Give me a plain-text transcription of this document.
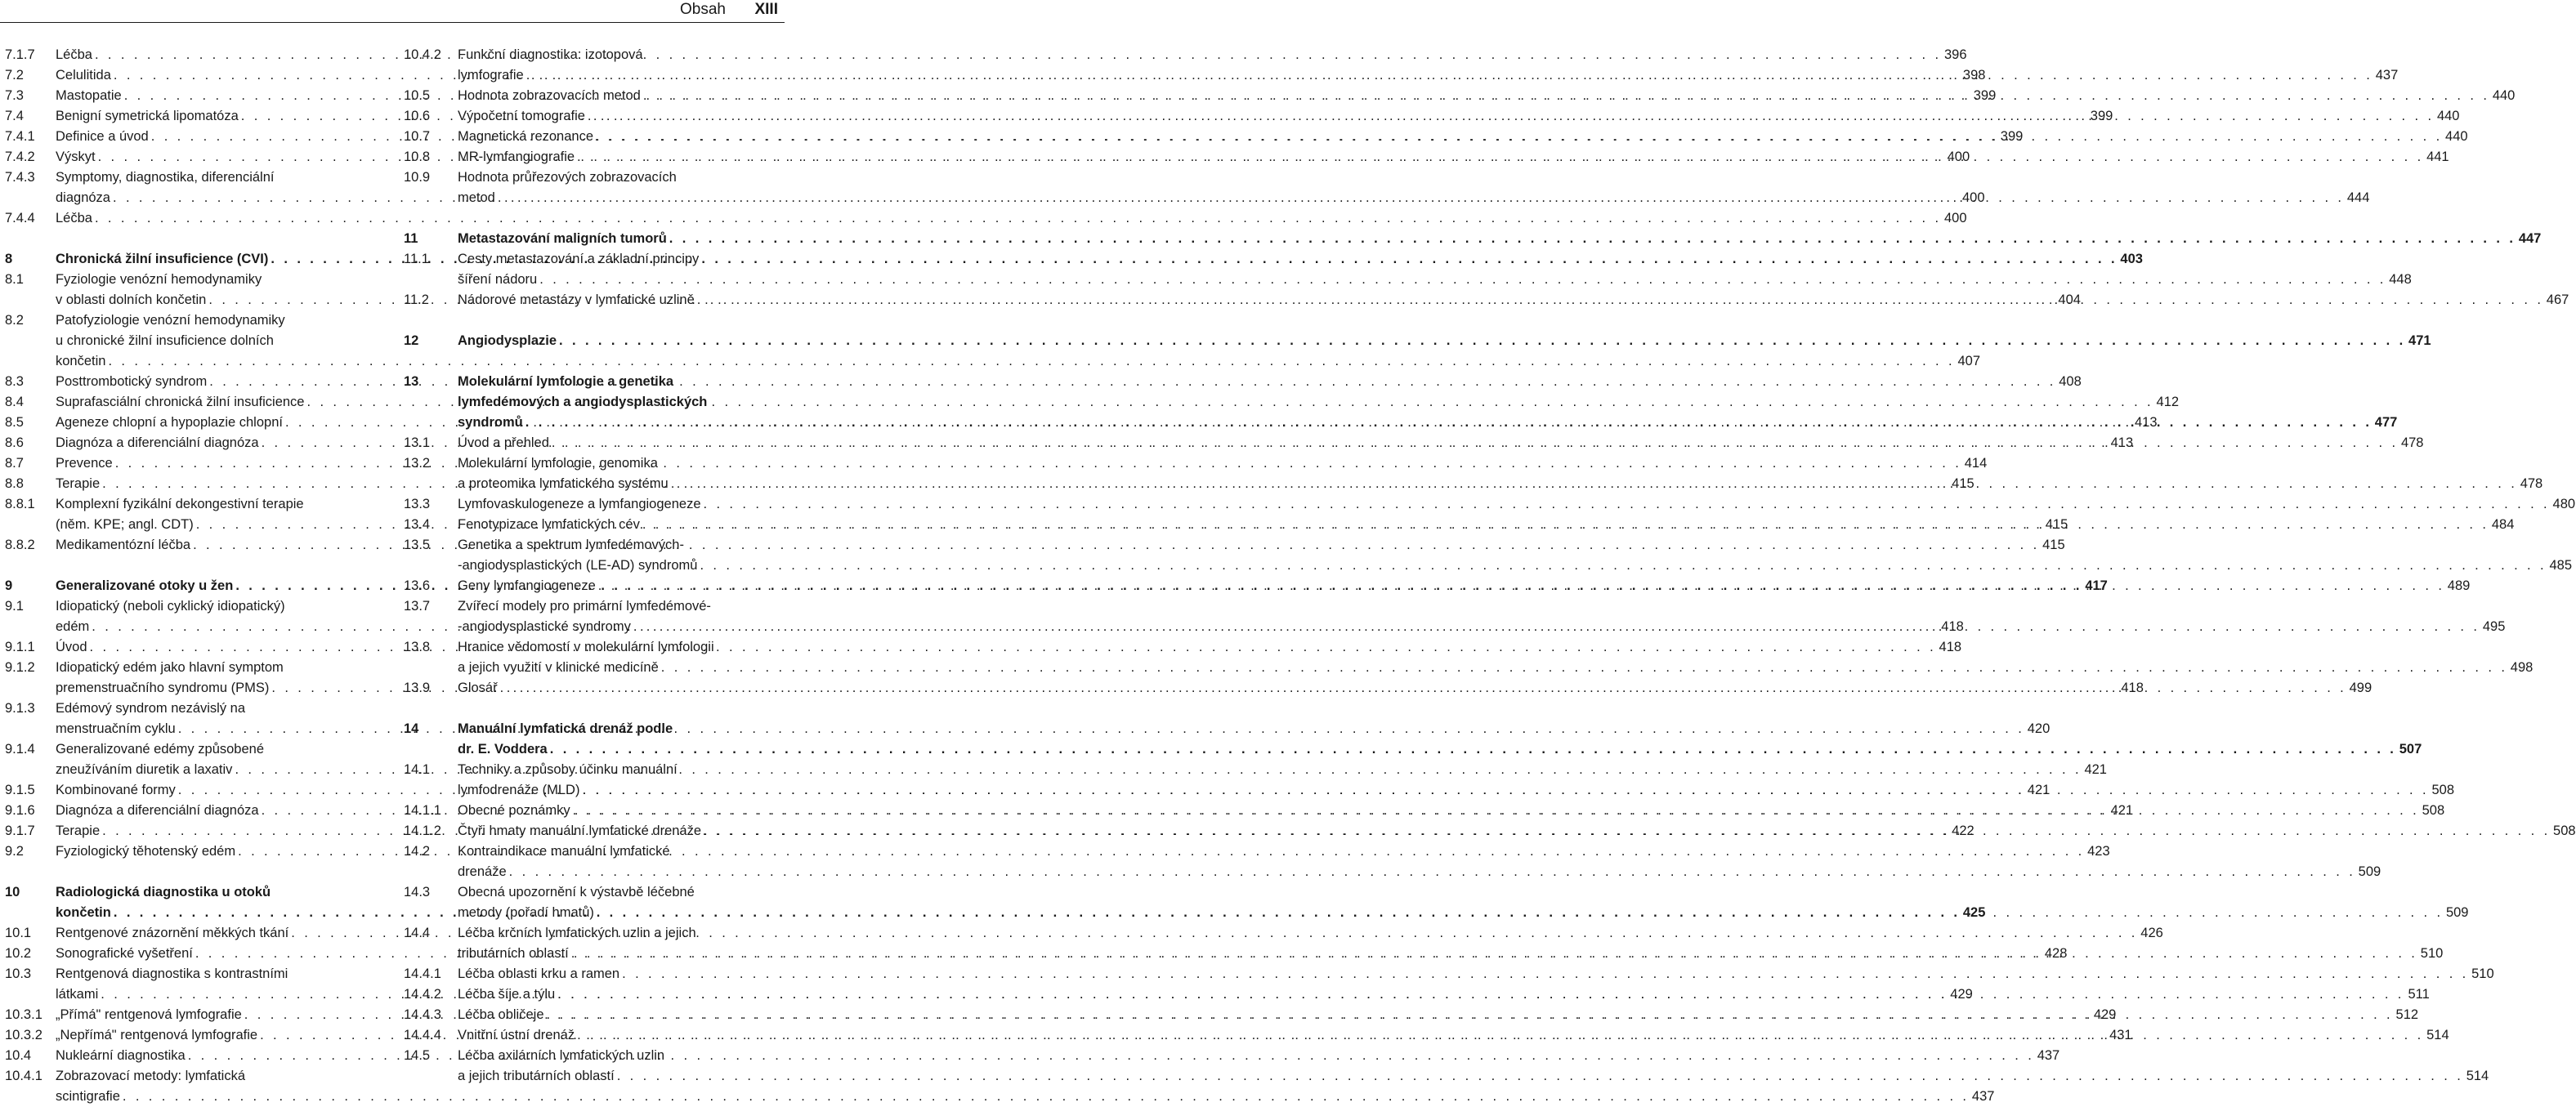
Obsah XIII
7.1.7	Léčba . . .	396
7.2	Celulitida . . .	398
7.3	Mastopatie . . .	399
7.4	Benigní symetrická lipomatóza . . .	399
7.4.1	Definice a úvod . . .	399
7.4.2	Výskyt . . .	400
7.4.3	Symptomy, diagnostika, diferenciální
diagnóza . . .	400
7.4.4	Léčba . . .	400
8	Chronická žilní insuficience (CVI) . . .	403
8.1	Fyziologie venózní hemodynamiky
v oblasti dolních končetin . . .	404
8.2	Patofyziologie venózní hemodynamiky
u chronické žilní insuficience dolních
končetin . . .	407
8.3	Posttrombotický syndrom . . .	408
8.4	Suprafasciální chronická žilní insuficience . . .	412
8.5	Ageneze chlopní a hypoplazie chlopní . . .	413
8.6	Diagnóza a diferenciální diagnóza . . .	413
8.7	Prevence . . .	414
8.8	Terapie . . .	415
8.8.1	Komplexní fyzikální dekongestivní terapie
(něm. KPE; angl. CDT) . . .	415
8.8.2	Medikamentózní léčba . . .	415
9	Generalizované otoky u žen . . .	417
9.1	Idiopatický (neboli cyklický idiopatický)
edém . . .	418
9.1.1	Úvod . . .	418
9.1.2	Idiopatický edém jako hlavní symptom
premenstruačního syndromu (PMS) . . .	418
9.1.3	Edémový syndrom nezávislý na
menstruačním cyklu . . .	420
9.1.4	Generalizované edémy způsobené
zneužíváním diuretik a laxativ . . .	421
9.1.5	Kombinované formy . . .	421
9.1.6	Diagnóza a diferenciální diagnóza . . .	421
9.1.7	Terapie . . .	422
9.2	Fyziologický těhotenský edém . . .	423
10	Radiologická diagnostika u otoků
končetin . . .	425
10.1	Rentgenové znázornění měkkých tkání . . .	426
10.2	Sonografické vyšetření . . .	428
10.3	Rentgenová diagnostika s kontrastními
látkami . . .	429
10.3.1 „Přímá" rentgenová lymfografie . . .	429
10.3.2 „Nepřímá" rentgenová lymfografie . . .	431
10.4	Nukleární diagnostika . . .	437
10.4.1 Zobrazovací metody: lymfatická
scintigrafie . . .	437
10.4.2	Funkční diagnostika: izotopová
lymfografie . . .	437
10.5	Hodnota zobrazovacích metod . . .	440
10.6	Výpočetní tomografie . . .	440
10.7	Magnetická rezonance . . .	440
10.8	MR-lymfangiografie . . .	441
10.9	Hodnota průřezových zobrazovacích
metod . . .	444
11	Metastazování maligních tumorů . . .	447
11.1	Cesty metastazování a základní principy
šíření nádoru . . .	448
11.2	Nádorové metastázy v lymfatické uzlině . . .	467
12	Angiodysplazie . . .	471
13	Molekulární lymfologie a genetika
lymfedémových a angiodysplastických
syndromů . . .	477
13.1	Úvod a přehled . . .	478
13.2	Molekulární lymfologie, genomika
a proteomika lymfatického systému . . .	478
13.3	Lymfovaskulogeneze a lymfangiogeneze . . .	480
13.4	Fenotypizace lymfatických cév . . .	484
13.5	Genetika a spektrum lymfedémových-
-angiodysplastických (LE-AD) syndromů . . .	485
13.6	Geny lymfangiogeneze . . .	489
13.7	Zvířecí modely pro primární lymfedémové-
-angiodysplastické syndromy . . .	495
13.8	Hranice vědomostí v molekulární lymfologii
a jejich využití v klinické medicíně . . .	498
13.9	Glosář . . .	499
14	Manuální lymfatická drenáž podle
dr. E. Voddera . . .	507
14.1	Techniky a způsoby účinku manuální
lymfodrenáže (MLD) . . .	508
14.1.1	Obecné poznámky . . .	508
14.1.2	Čtyři hmaty manuální lymfatické drenáže . . .	508
14.2	Kontraindikace manuální lymfatické
drenáže . . .	509
14.3	Obecná upozornění k výstavbě léčebné
metody (pořadí hmatů) . . .	509
14.4	Léčba krčních lymfatických uzlin a jejich
tributárních oblastí . . .	510
14.4.1	Léčba oblasti krku a ramen . . .	510
14.4.2	Léčba šíje a týlu . . .	511
14.4.3	Léčba obličeje . . .	512
14.4.4	Vnitřní ústní drenáž . . .	514
14.5	Léčba axilárních lymfatických uzlin
a jejich tributárních oblastí . . .	514
